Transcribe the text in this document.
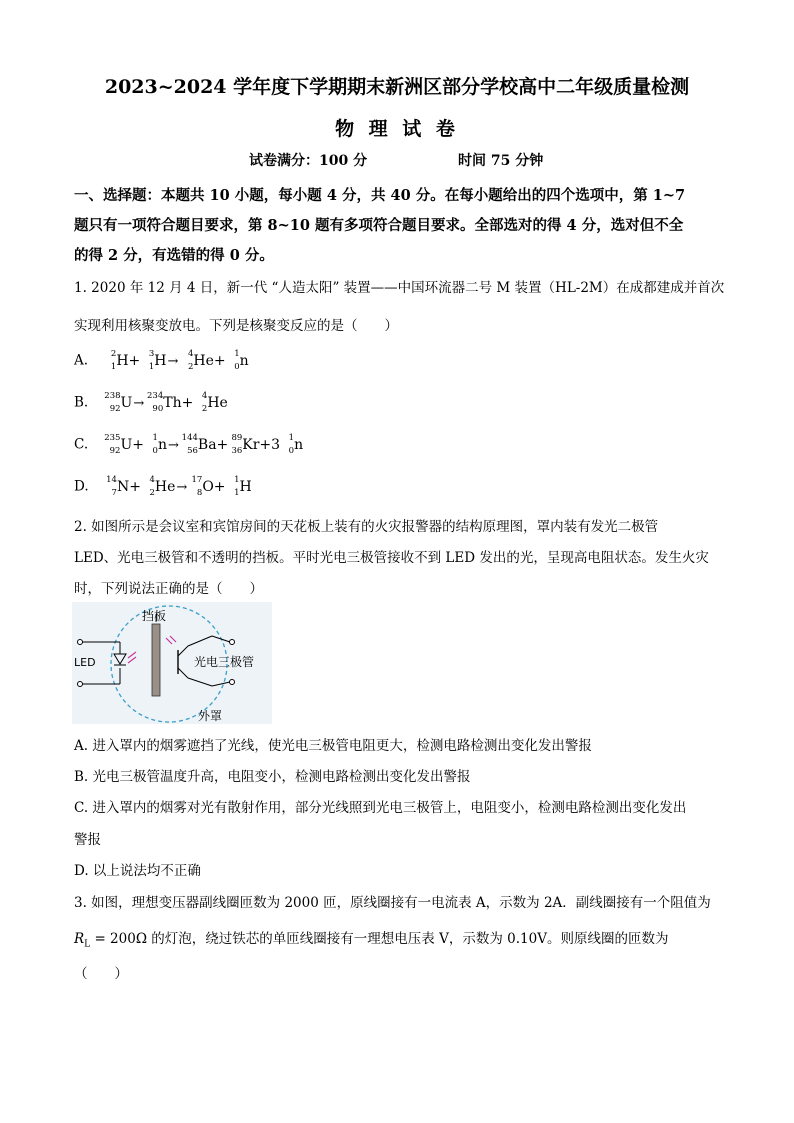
2023~2024 学年度下学期期末新洲区部分学校高中二年级质量检测
物 理 试 卷
试卷满分：100 分	时间 75 分钟
一、选择题：本题共 10 小题，每小题 4 分，共 40 分。在每小题给出的四个选项中，第 1~7
题只有一项符合题目要求，第 8~10 题有多项符合题目要求。全部选对的得 4 分，选对但不全
的得 2 分，有选错的得 0 分。
1. 2020 年 12 月 4 日，新一代 “人造太阳” 装置——中国环流器二号 M 装置（HL-2M）在成都建成并首次
实现利用核聚变放电。下列是核聚变反应的是（　　）
A.	2
1 H+ 3
1 H→ 4
2 He+ 1
0 n
B. 238
92 U→ 234
90 Th+ 4
2 He
C. 235
92 U+ 1
0 n→ 144
56 Ba+ 89
36 Kr+3 1
0 n
D. 14
7 N+ 4
2 He→ 17
8 O+ 1
1 H
2. 如图所示是会议室和宾馆房间的天花板上装有的火灾报警器的结构原理图，罩内装有发光二极管
LED、光电三极管和不透明的挡板。平时光电三极管接收不到 LED 发出的光，呈现高电阻状态。发生火灾
时，下列说法正确的是（　　）
挡板
LED	光电三极管
外罩
A. 进入罩内的烟雾遮挡了光线，使光电三极管电阻更大，检测电路检测出变化发出警报
B. 光电三极管温度升高，电阻变小，检测电路检测出变化发出警报
C. 进入罩内的烟雾对光有散射作用，部分光线照到光电三极管上，电阻变小，检测电路检测出变化发出
警报
D. 以上说法均不正确
3. 如图，理想变压器副线圈匝数为 2000 匝，原线圈接有一电流表 A，示数为 2A．副线圈接有一个阻值为
$R_L = 200\Omega$ 的灯泡，绕过铁芯的单匝线圈接有一理想电压表 V，示数为 0.10V。则原线圈的匝数为
（　　）
